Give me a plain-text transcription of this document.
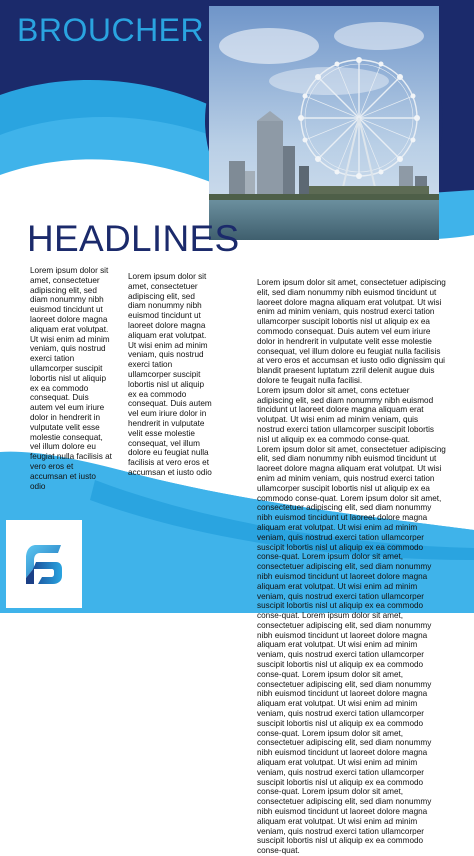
BROUCHER
HEADLINES

Lorem ipsum dolor sit amet, consectetuer adipiscing elit, sed diam nonummy nibh euismod tincidunt ut laoreet dolore magna aliquam erat volutpat. Ut wisi enim ad minim veniam, quis nostrud exerci tation ullamcorper suscipit lobortis nisl ut aliquip ex ea commodo consequat. Duis autem vel eum iriure dolor in hendrerit in vulputate velit esse molestie consequat, vel illum dolore eu feugiat nulla facilisis at vero eros et accumsan et iusto odio

Lorem ipsum dolor sit amet, consectetuer adipiscing elit, sed diam nonummy nibh euismod tincidunt ut laoreet dolore magna aliquam erat volutpat. Ut wisi enim ad minim veniam, quis nostrud exerci tation ullamcorper suscipit lobortis nisl ut aliquip ex ea commodo consequat. Duis autem vel eum iriure dolor in hendrerit in vulputate velit esse molestie consequat, vel illum dolore eu feugiat nulla facilisis at vero eros et accumsan et iusto odio

Lorem ipsum dolor sit amet, consectetuer adipiscing elit, sed diam nonummy nibh euismod tincidunt ut laoreet dolore magna aliquam erat volutpat. Ut wisi enim ad minim veniam, quis nostrud exerci tation ullamcorper suscipit lobortis nisl ut aliquip ex ea commodo consequat. Duis autem vel eum iriure dolor in hendrerit in vulputate velit esse molestie consequat, vel illum dolore eu feugiat nulla facilisis at vero eros et accumsan et iusto odio dignissim qui blandit praesent luptatum zzril delenit augue duis dolore te feugait nulla facilisi.

Lorem ipsum dolor sit amet, cons ectetuer adipiscing elit, sed diam nonummy nibh euismod tincidunt ut laoreet dolore magna aliquam erat volutpat. Ut wisi enim ad minim veniam, quis nostrud exerci tation ullamcorper suscipit lobortis nisl ut aliquip ex ea commodo conse-quat.

Lorem ipsum dolor sit amet, consectetuer adipiscing elit, sed diam nonummy nibh euismod tincidunt ut laoreet dolore magna aliquam erat volutpat. Ut wisi enim ad minim veniam, quis nostrud exerci tation ullamcorper suscipit lobortis nisl ut aliquip ex ea commodo conse-quat. Lorem ipsum dolor sit amet, consectetuer adipiscing elit, sed diam nonummy nibh euismod tincidunt ut laoreet dolore magna aliquam erat volutpat. Ut wisi enim ad minim veniam, quis nostrud exerci tation ullamcorper suscipit lobortis nisl ut aliquip ex ea commodo conse-quat. Lorem ipsum dolor sit amet, consectetuer adipiscing elit, sed diam nonummy nibh euismod tincidunt ut laoreet dolore magna aliquam erat volutpat. Ut wisi enim ad minim veniam, quis nostrud exerci tation ullamcorper suscipit lobortis nisl ut aliquip ex ea commodo conse-quat. Lorem ipsum dolor sit amet, consectetuer adipiscing elit, sed diam nonummy nibh euismod tincidunt ut laoreet dolore magna aliquam erat volutpat. Ut wisi enim ad minim veniam, quis nostrud exerci tation ullamcorper suscipit lobortis nisl ut aliquip ex ea commodo conse-quat. Lorem ipsum dolor sit amet, consectetuer adipiscing elit, sed diam nonummy nibh euismod tincidunt ut laoreet dolore magna aliquam erat volutpat. Ut wisi enim ad minim veniam, quis nostrud exerci tation ullamcorper suscipit lobortis nisl ut aliquip ex ea commodo conse-quat. Lorem ipsum dolor sit amet, consectetuer adipiscing elit, sed diam nonummy nibh euismod tincidunt ut laoreet dolore magna aliquam erat volutpat. Ut wisi enim ad minim veniam, quis nostrud exerci tation ullamcorper suscipit lobortis nisl ut aliquip ex ea commodo conse-quat. Lorem ipsum dolor sit amet, consectetuer adipiscing elit, sed diam nonummy nibh euismod tincidunt ut laoreet dolore magna aliquam erat volutpat. Ut wisi enim ad minim veniam, quis nostrud exerci tation ullamcorper suscipit lobortis nisl ut aliquip ex ea commodo conse-quat.
